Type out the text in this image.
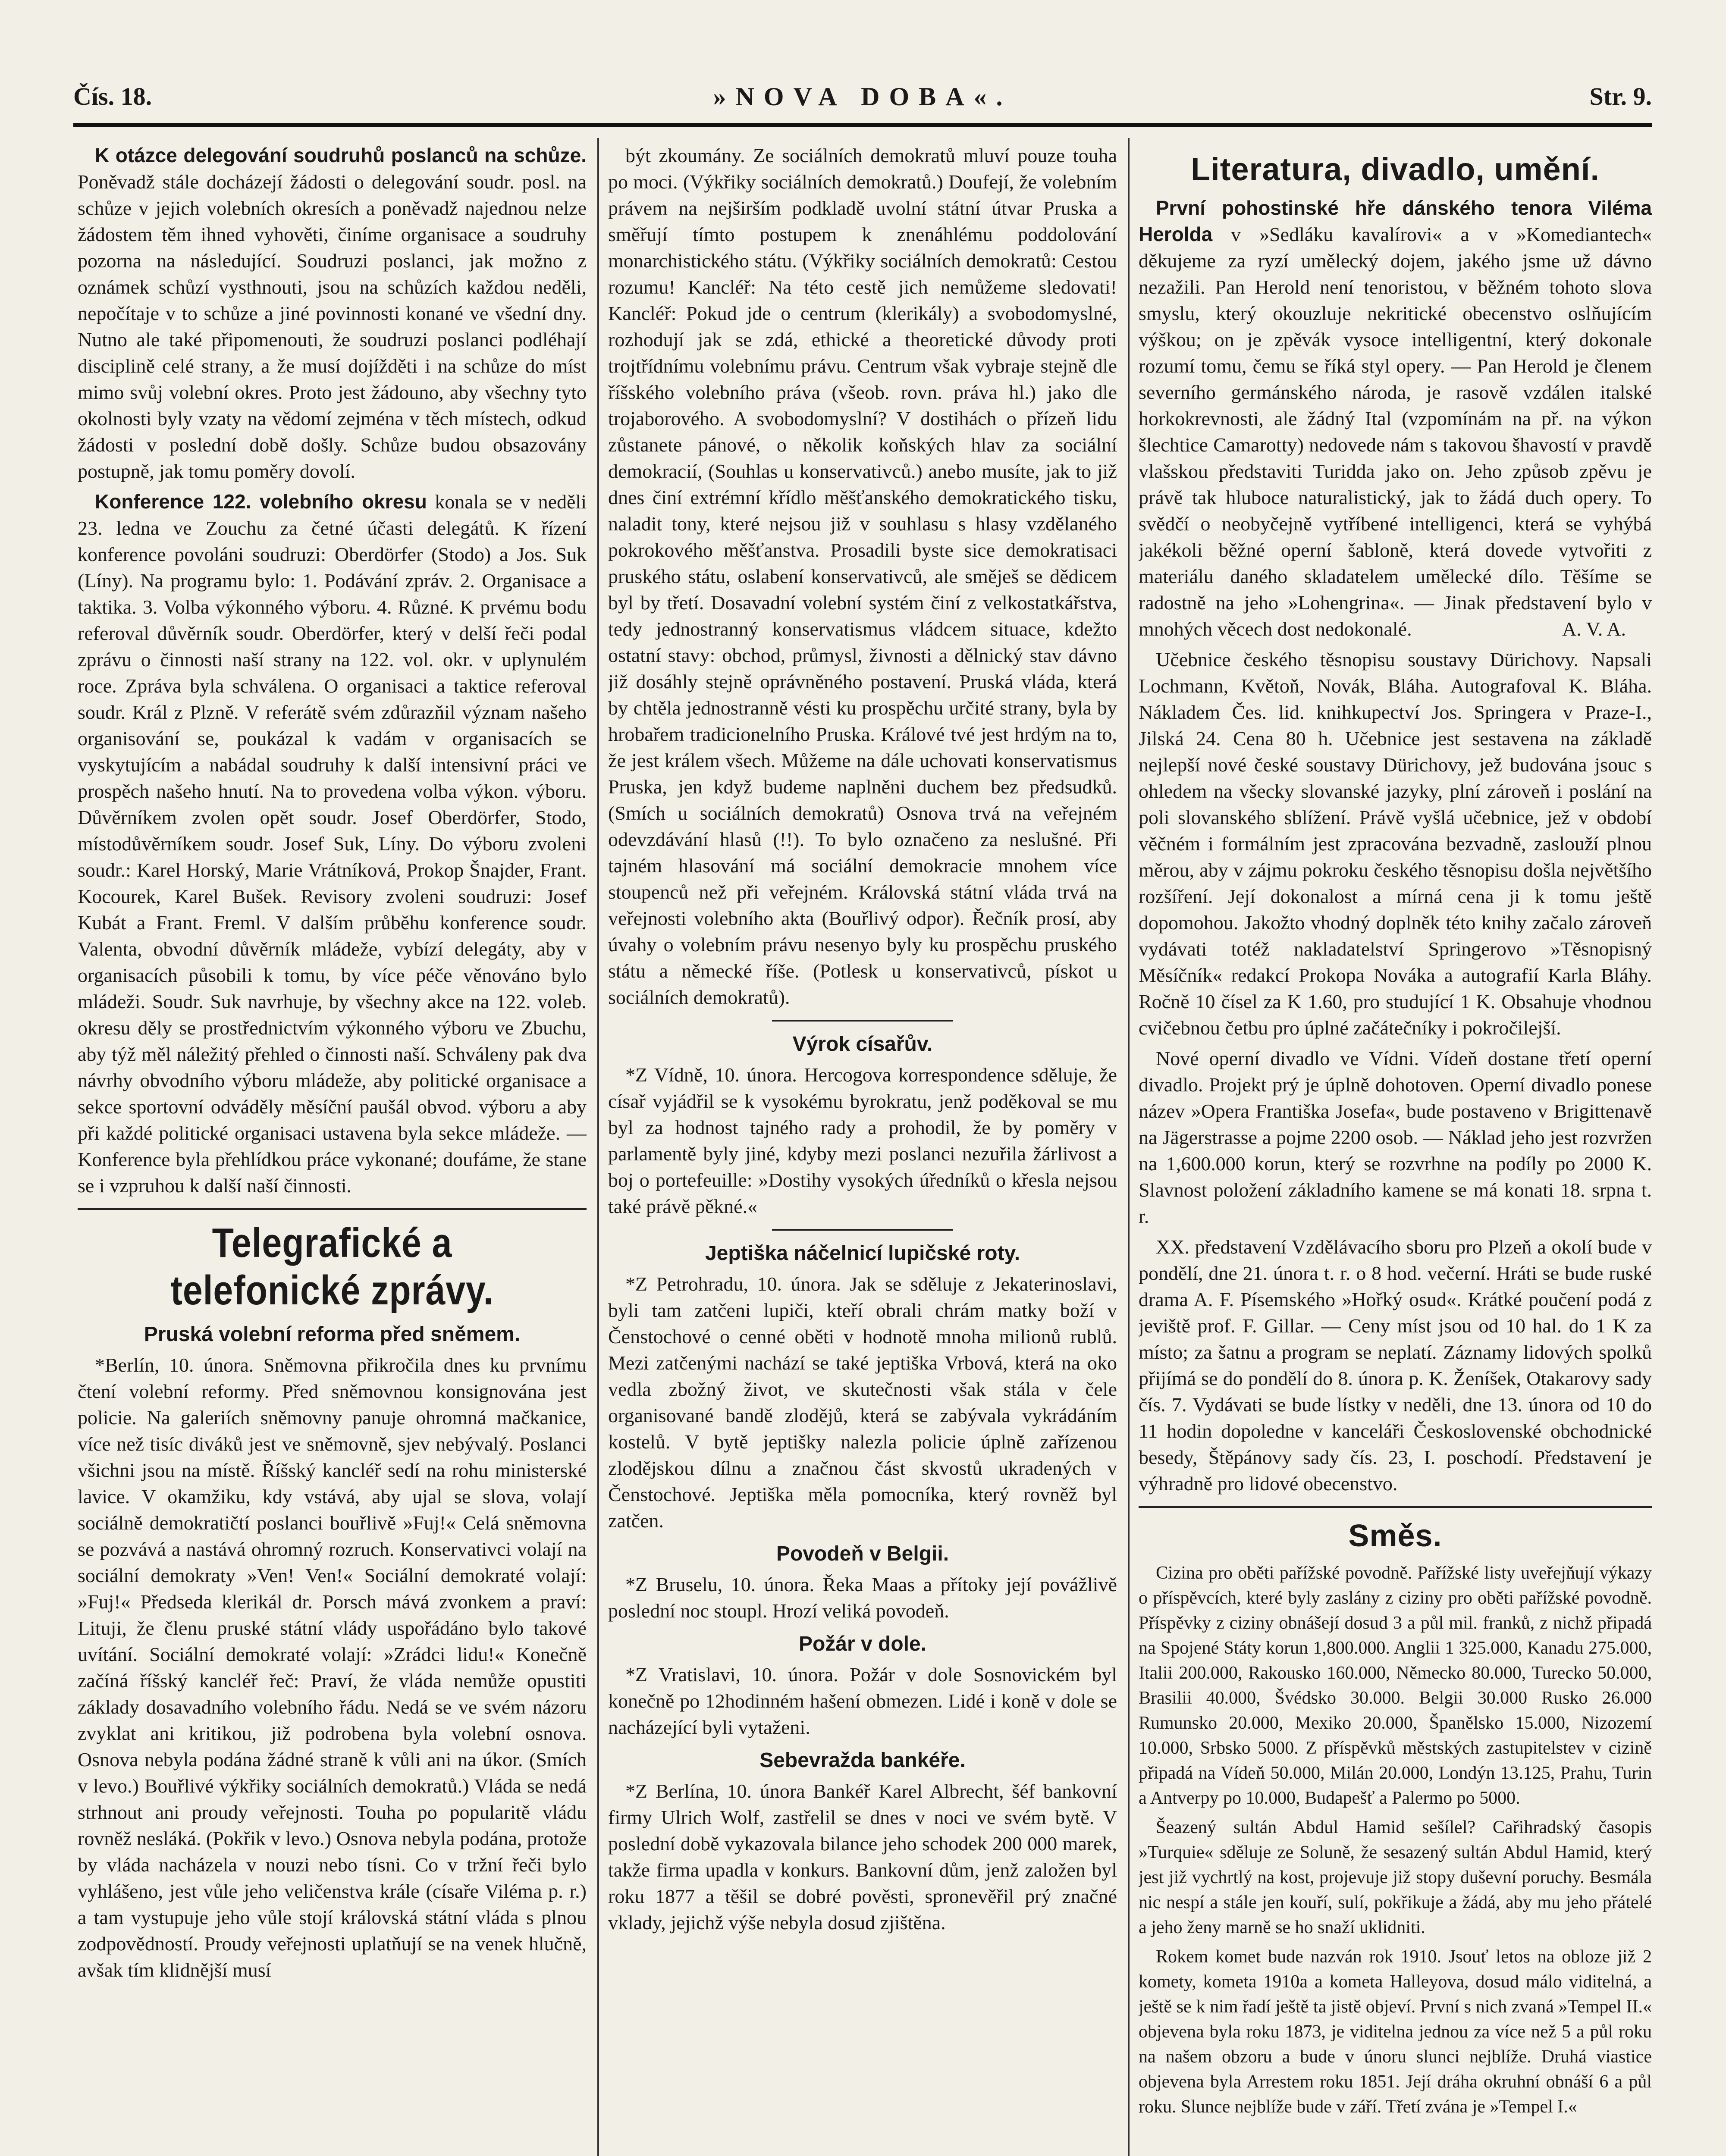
Čís. 18.	»NOVA DOBA«.	Str. 9.

K otázce delegování soudruhů poslanců na schůze. Poněvadž stále docházejí žádosti o delegování soudr. posl. na schůze v jejich volebních okresích a poněvadž najednou nelze žádostem těm ihned vyhověti, činíme organisace a soudruhy pozorna na následující. Soudruzi poslanci, jak možno z oznámek schůzí vysthnouti, jsou na schůzích každou neděli, nepočítaje v to schůze a jiné povinnosti konané ve všední dny. Nutno ale také připomenouti, že soudruzi poslanci podléhají disciplině celé strany, a že musí dojížděti i na schůze do míst mimo svůj volební okres. Proto jest žádouno, aby všechny tyto okolnosti byly vzaty na vědomí zejména v těch místech, odkud žádosti v poslední době došly. Schůze budou obsazovány postupně, jak tomu poměry dovolí.

Konference 122. volebního okresu konala se v neděli 23. ledna ve Zouchu za četné účasti delegátů. K řízení konference povoláni soudruzi: Oberdörfer (Stodo) a Jos. Suk (Líny). Na programu bylo: 1. Podávání zpráv. 2. Organisace a taktika. 3. Volba výkonného výboru. 4. Různé. K prvému bodu referoval důvěrník soudr. Oberdörfer, který v delší řeči podal zprávu o činnosti naší strany na 122. vol. okr. v uplynulém roce. Zpráva byla schválena. O organisaci a taktice referoval soudr. Král z Plzně. V referátě svém zdůrazňil význam našeho organisování se, poukázal k vadám v organisacích se vyskytujícím a nabádal soudruhy k další intensivní práci ve prospěch našeho hnutí. Na to provedena volba výkon. výboru. Důvěrníkem zvolen opět soudr. Josef Oberdörfer, Stodo, místodůvěrníkem soudr. Josef Suk, Líny. Do výboru zvoleni soudr.: Karel Horský, Marie Vrátníková, Prokop Šnajder, Frant. Kocourek, Karel Bušek. Revisory zvoleni soudruzi: Josef Kubát a Frant. Freml. V dalším průběhu konference soudr. Valenta, obvodní důvěrník mládeže, vybízí delegáty, aby v organisacích působili k tomu, by více péče věnováno bylo mládeži. Soudr. Suk navrhuje, by všechny akce na 122. voleb. okresu děly se prostřednictvím výkonného výboru ve Zbuchu, aby týž měl náležitý přehled o činnosti naší. Schváleny pak dva návrhy obvodního výboru mládeže, aby politické organisace a sekce sportovní odváděly měsíční paušál obvod. výboru a aby při každé politické organisaci ustavena byla sekce mládeže. — Konference byla přehlídkou práce vykonané; doufáme, že stane se i vzpruhou k další naší činnosti.

Telegrafické a telefonické zprávy.
Pruská volební reforma před sněmem.

*Berlín, 10. února. Sněmovna přikročila dnes ku prvnímu čtení volební reformy. Před sněmovnou konsignována jest policie. Na galeriích sněmovny panuje ohromná mačkanice, více než tisíc diváků jest ve sněmovně, sjev nebývalý. Poslanci všichni jsou na místě. Říšský kancléř sedí na rohu ministerské lavice. V okamžiku, kdy vstává, aby ujal se slova, volají sociálně demokratičtí poslanci bouřlivě »Fuj!« Celá sněmovna se pozvává a nastává ohromný rozruch. Konservativci volají na sociální demokraty »Ven! Ven!« Sociální demokraté volají: »Fuj!« Předseda klerikál dr. Porsch mává zvonkem a praví: Lituji, že členu pruské státní vlády uspořádáno bylo takové uvítání. Sociální demokraté volají: »Zrádci lidu!« Konečně začíná říšský kancléř řeč: Praví, že vláda nemůže opustiti základy dosavadního volebního řádu. Nedá se ve svém názoru zvyklat ani kritikou, již podrobena byla volební osnova. Osnova nebyla podána žádné straně k vůli ani na úkor. (Smích v levo.) Bouřlivé výkřiky sociálních demokratů.) Vláda se nedá strhnout ani proudy veřejnosti. Touha po popularitě vládu rovněž nesláká. (Pokřik v levo.) Osnova nebyla podána, protože by vláda nacházela v nouzi nebo tísni. Co v tržní řeči bylo vyhlášeno, jest vůle jeho veličenstva krále (císaře Viléma p. r.) a tam vystupuje jeho vůle stojí královská státní vláda s plnou zodpovědností. Proudy veřejnosti uplatňují se na venek hlučně, avšak tím klidnější musí

být zkoumány. Ze sociálních demokratů mluví pouze touha po moci. (Výkřiky sociálních demokratů.) Doufejí, že volebním právem na nejširším podkladě uvolní státní útvar Pruska a směřují tímto postupem k znenáhlému poddolování monarchistického státu. (Výkřiky sociálních demokratů: Cestou rozumu! Kancléř: Na této cestě jich nemůžeme sledovati! Kancléř: Pokud jde o centrum (klerikály) a svobodomyslné, rozhodují jak se zdá, ethické a theoretické důvody proti trojtřídnímu volebnímu právu. Centrum však vybraje stejně dle říšského volebního práva (všeob. rovn. práva hl.) jako dle trojaborového. A svobodomyslní? V dostihách o přízeň lidu zůstanete pánové, o několik koňských hlav za sociální demokracií, (Souhlas u konservativců.) anebo musíte, jak to již dnes činí extrémní křídlo měšťanského demokratického tisku, naladit tony, které nejsou již v souhlasu s hlasy vzdělaného pokrokového měšťanstva. Prosadili byste sice demokratisaci pruského státu, oslabení konservativců, ale směješ se dědicem byl by třetí. Dosavadní volební systém činí z velkostatkářstva, tedy jednostranný konservatismus vládcem situace, kdežto ostatní stavy: obchod, průmysl, živnosti a dělnický stav dávno již dosáhly stejně oprávněného postavení. Pruská vláda, která by chtěla jednostranně vésti ku prospěchu určité strany, byla by hrobařem tradicionelního Pruska. Králové tvé jest hrdým na to, že jest králem všech. Můžeme na dále uchovati konservatismus Pruska, jen když budeme naplněni duchem bez předsudků. (Smích u sociálních demokratů) Osnova trvá na veřejném odevzdávání hlasů (!!). To bylo označeno za neslušné. Při tajném hlasování má sociální demokracie mnohem více stoupenců než při veřejném. Královská státní vláda trvá na veřejnosti volebního akta (Bouřlivý odpor). Řečník prosí, aby úvahy o volebním právu nesenyo byly ku prospěchu pruského státu a německé říše. (Potlesk u konservativců, pískot u sociálních demokratů).

Výrok císařův.

*Z Vídně, 10. února. Hercogova korrespondence sděluje, že císař vyjádřil se k vysokému byrokratu, jenž poděkoval se mu byl za hodnost tajného rady a prohodil, že by poměry v parlamentě byly jiné, kdyby mezi poslanci nezuřila žárlivost a boj o portefeuille: »Dostihy vysokých úředníků o křesla nejsou také právě pěkné.«

Jeptiška náčelnicí lupičské roty.

*Z Petrohradu, 10. února. Jak se sděluje z Jekaterinoslavi, byli tam zatčeni lupiči, kteří obrali chrám matky boží v Čenstochové o cenné oběti v hodnotě mnoha milionů rublů. Mezi zatčenými nachází se také jeptiška Vrbová, která na oko vedla zbožný život, ve skutečnosti však stála v čele organisované bandě zlodějů, která se zabývala vykrádáním kostelů. V bytě jeptišky nalezla policie úplně zařízenou zlodějskou dílnu a značnou část skvostů ukradených v Čenstochové. Jeptiška měla pomocníka, který rovněž byl zatčen.

Povodeň v Belgii.

*Z Bruselu, 10. února. Řeka Maas a přítoky její povážlivě poslední noc stoupl. Hrozí veliká povodeň.

Požár v dole.

*Z Vratislavi, 10. února. Požár v dole Sosnovickém byl konečně po 12hodinném hašení obmezen. Lidé i koně v dole se nacházející byli vytaženi.

Sebevražda bankéře.

*Z Berlína, 10. února Bankéř Karel Albrecht, šéf bankovní firmy Ulrich Wolf, zastřelil se dnes v noci ve svém bytě. V poslední době vykazovala bilance jeho schodek 200 000 marek, takže firma upadla v konkurs. Bankovní dům, jenž založen byl roku 1877 a těšil se dobré pověsti, spronevěřil prý značné vklady, jejichž výše nebyla dosud zjištěna.

Literatura, divadlo, umění.

První pohostinské hře dánského tenora Viléma Herolda v »Sedláku kavalírovi« a v »Komediantech« děkujeme za ryzí umělecký dojem, jakého jsme už dávno nezažili. Pan Herold není tenoristou, v běžném tohoto slova smyslu, který okouzluje nekritické obecenstvo oslňujícím výškou; on je zpěvák vysoce intelligentní, který dokonale rozumí tomu, čemu se říká styl opery. — Pan Herold je členem severního germánského národa, je rasově vzdálen italské horkokrevnosti, ale žádný Ital (vzpomínám na př. na výkon šlechtice Camarotty) nedovede nám s takovou šhavostí v pravdě vlašskou představiti Turidda jako on. Jeho způsob zpěvu je právě tak hluboce naturalistický, jak to žádá duch opery. To svědčí o neobyčejně vytříbené intelligenci, která se vyhýbá jakékoli běžné operní šabloně, která dovede vytvořiti z materiálu daného skladatelem umělecké dílo. Těšíme se radostně na jeho »Lohengrina«. — Jinak představení bylo v mnohých věcech dost nedokonalé.	A. V. A.

Učebnice českého těsnopisu soustavy Dürichovy. Napsali Lochmann, Květoň, Novák, Bláha. Autografoval K. Bláha. Nákladem Čes. lid. knihkupectví Jos. Springera v Praze-I., Jilská 24. Cena 80 h. Učebnice jest sestavena na základě nejlepší nové české soustavy Dürichovy, jež budována jsouc s ohledem na všecky slovanské jazyky, plní zároveň i poslání na poli slovanského sblížení. Právě vyšlá učebnice, jež v období věčném i formálním jest zpracována bezvadně, zaslouží plnou měrou, aby v zájmu pokroku českého těsnopisu došla největšího rozšíření. Její dokonalost a mírná cena ji k tomu ještě dopomohou. Jakožto vhodný doplněk této knihy začalo zároveň vydávati totéž nakladatelství Springerovo »Těsnopisný Měsíčník« redakcí Prokopa Nováka a autografií Karla Bláhy. Ročně 10 čísel za K 1.60, pro studující 1 K. Obsahuje vhodnou cvičebnou četbu pro úplné začátečníky i pokročilejší.

Nové operní divadlo ve Vídni. Vídeň dostane třetí operní divadlo. Projekt prý je úplně dohotoven. Operní divadlo ponese název »Opera Františka Josefa«, bude postaveno v Brigittenavě na Jägerstrasse a pojme 2200 osob. — Náklad jeho jest rozvržen na 1,600.000 korun, který se rozvrhne na podíly po 2000 K. Slavnost položení základního kamene se má konati 18. srpna t. r.

XX. představení Vzdělávacího sboru pro Plzeň a okolí bude v pondělí, dne 21. února t. r. o 8 hod. večerní. Hráti se bude ruské drama A. F. Písemského »Hořký osud«. Krátké poučení podá z jeviště prof. F. Gillar. — Ceny míst jsou od 10 hal. do 1 K za místo; za šatnu a program se neplatí. Záznamy lidových spolků přijímá se do pondělí do 8. února p. K. Ženíšek, Otakarovy sady čís. 7. Vydávati se bude lístky v neděli, dne 13. února od 10 do 11 hodin dopoledne v kanceláři Československé obchodnické besedy, Štěpánovy sady čís. 23, I. poschodí. Představení je výhradně pro lidové obecenstvo.

Směs.

Cizina pro oběti pařížské povodně. Pařížské listy uveřejňují výkazy o příspěvcích, které byly zaslány z ciziny pro oběti pařížské povodně. Příspěvky z ciziny obnášejí dosud 3 a půl mil. franků, z nichž připadá na Spojené Státy korun 1,800.000. Anglii 1 325.000, Kanadu 275.000, Italii 200.000, Rakousko 160.000, Německo 80.000, Turecko 50.000, Brasilii 40.000, Švédsko 30.000. Belgii 30.000 Rusko 26.000 Rumunsko 20.000, Mexiko 20.000, Španělsko 15.000, Nizozemí 10.000, Srbsko 5000. Z příspěvků městských zastupitelstev v cizině připadá na Vídeň 50.000, Milán 20.000, Londýn 13.125, Prahu, Turin a Antverpy po 10.000, Budapešť a Palermo po 5000.

Šeazený sultán Abdul Hamid sešílel? Cařihradský časopis »Turquie« sděluje ze Soluně, že sesazený sultán Abdul Hamid, který jest již vychrtlý na kost, projevuje již stopy duševní poruchy. Besmála nic nespí a stále jen kouří, sulí, pokřikuje a žádá, aby mu jeho přátelé a jeho ženy marně se ho snaží uklidniti.

Rokem komet bude nazván rok 1910. Jsouť letos na obloze již 2 komety, kometa 1910a a kometa Halleyova, dosud málo viditelná, a ještě se k nim řadí ještě ta jistě objeví. První s nich zvaná »Tempel II.« objevena byla roku 1873, je viditelna jednou za více než 5 a půl roku na našem obzoru a bude v únoru slunci nejblíže. Druhá viastice objevena byla Arrestem roku 1851. Její dráha okruhní obnáší 6 a půl roku. Slunce nejblíže bude v září. Třetí zvána je »Tempel I.«
